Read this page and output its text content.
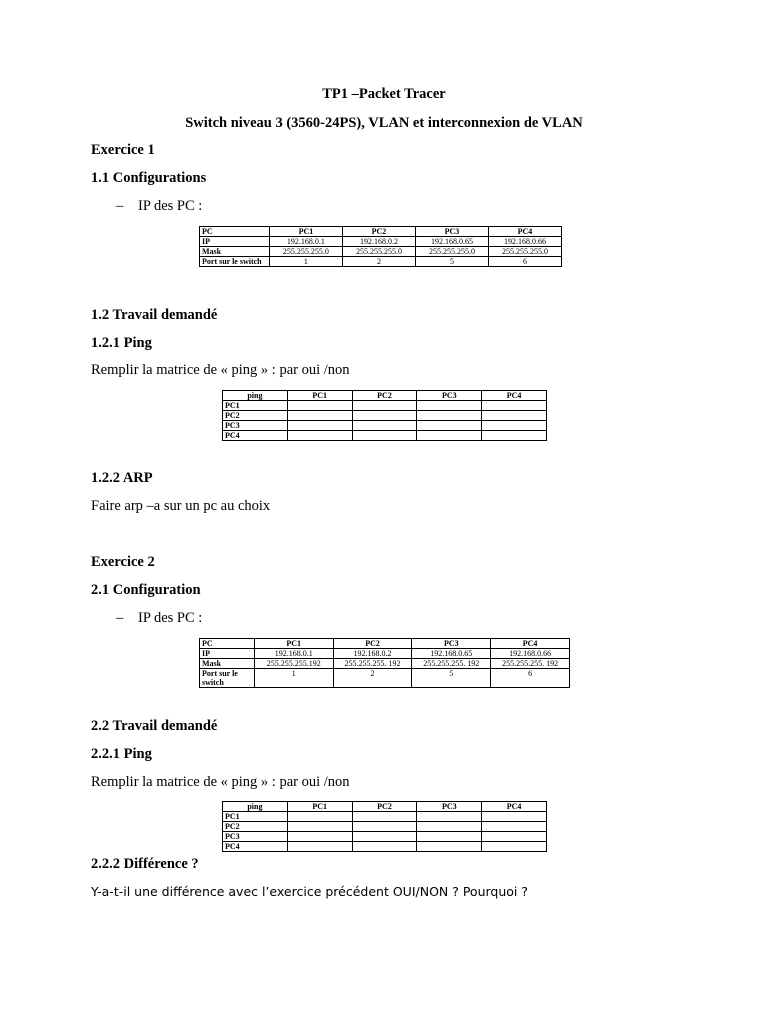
TP1 –Packet Tracer
Switch niveau 3 (3560-24PS), VLAN et interconnexion de VLAN
Exercice 1
1.1 Configurations
– IP des PC :
PC	PC1	PC2	PC3	PC4
IP	192.168.0.1	192.168.0.2	192.168.0.65	192.168.0.66
Mask	255.255.255.0	255.255.255.0	255.255.255.0	255.255.255.0
Port sur le switch	1	2	5	6
1.2 Travail demandé
1.2.1 Ping
Remplir la matrice de « ping » : par oui /non
ping	PC1	PC2	PC3	PC4
PC1				
PC2				
PC3				
PC4				
1.2.2 ARP
Faire arp –a sur un pc au choix
Exercice 2
2.1 Configuration
– IP des PC :
PC	PC1	PC2	PC3	PC4
IP	192.168.0.1	192.168.0.2	192.168.0.65	192.168.0.66
Mask	255.255.255.192	255.255.255. 192	255.255.255. 192	255.255.255. 192
Port sur le switch	1	2	5	6
2.2 Travail demandé
2.2.1 Ping
Remplir la matrice de « ping » : par oui /non
ping	PC1	PC2	PC3	PC4
PC1				
PC2				
PC3				
PC4				
2.2.2 Différence ?
Y-a-t-il une différence avec l’exercice précédent OUI/NON ? Pourquoi ?
